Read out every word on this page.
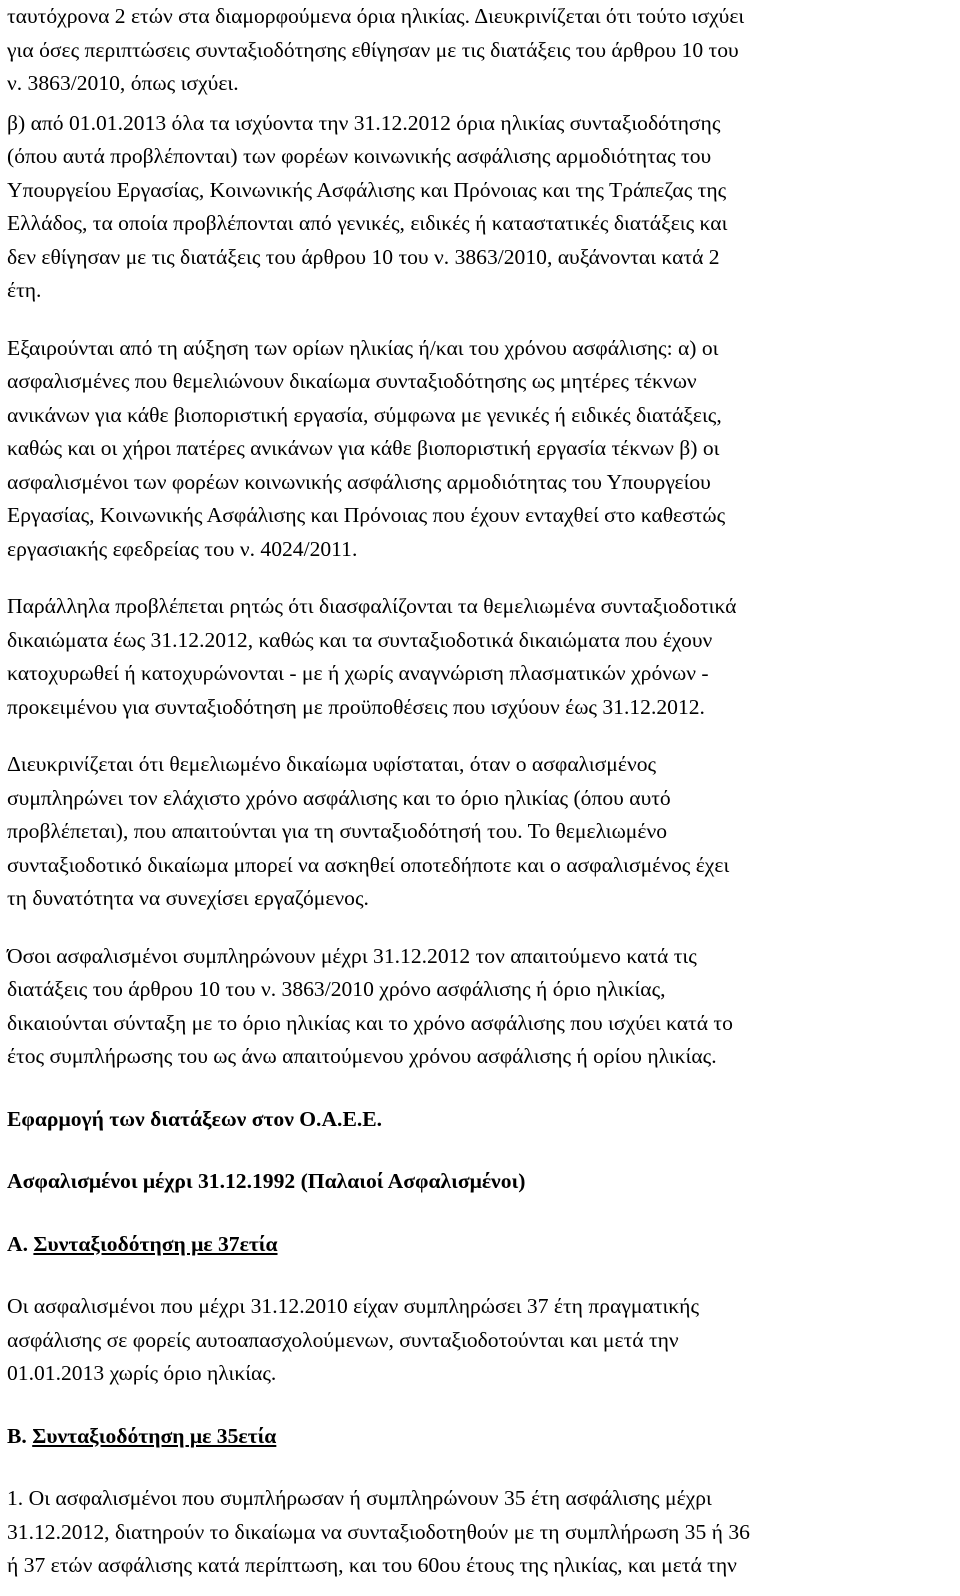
ταυτόχρονα 2 ετών στα διαμορφούμενα όρια ηλικίας. Διευκρινίζεται ότι τούτο ισχύει

για όσες περιπτώσεις συνταξιοδότησης εθίγησαν με τις διατάξεις του άρθρου 10 του

ν. 3863/2010, όπως ισχύει.

β) από 01.01.2013 όλα τα ισχύοντα την 31.12.2012 όρια ηλικίας συνταξιοδότησης

(όπου αυτά προβλέπονται) των φορέων κοινωνικής ασφάλισης αρμοδιότητας του

Υπουργείου Εργασίας, Κοινωνικής Ασφάλισης και Πρόνοιας και της Τράπεζας της

Ελλάδος, τα οποία προβλέπονται από γενικές, ειδικές ή καταστατικές διατάξεις και

δεν εθίγησαν με τις διατάξεις του άρθρου 10 του ν. 3863/2010, αυξάνονται κατά 2

έτη.

Εξαιρούνται από τη αύξηση των ορίων ηλικίας ή/και του χρόνου ασφάλισης: α) οι

ασφαλισμένες που θεμελιώνουν δικαίωμα συνταξιοδότησης ως μητέρες τέκνων

ανικάνων για κάθε βιοποριστική εργασία, σύμφωνα με γενικές ή ειδικές διατάξεις,

καθώς και οι χήροι πατέρες ανικάνων για κάθε βιοποριστική εργασία τέκνων β) οι

ασφαλισμένοι των φορέων κοινωνικής ασφάλισης αρμοδιότητας του Υπουργείου

Εργασίας, Κοινωνικής Ασφάλισης και Πρόνοιας που έχουν ενταχθεί στο καθεστώς

εργασιακής εφεδρείας του ν. 4024/2011.

Παράλληλα προβλέπεται ρητώς ότι διασφαλίζονται τα θεμελιωμένα συνταξιοδοτικά

δικαιώματα έως 31.12.2012, καθώς και τα συνταξιοδοτικά δικαιώματα που έχουν

κατοχυρωθεί ή κατοχυρώνονται - με ή χωρίς αναγνώριση πλασματικών χρόνων -

προκειμένου για συνταξιοδότηση με προϋποθέσεις που ισχύουν έως 31.12.2012.

Διευκρινίζεται ότι θεμελιωμένο δικαίωμα υφίσταται, όταν ο ασφαλισμένος

συμπληρώνει τον ελάχιστο χρόνο ασφάλισης και το όριο ηλικίας (όπου αυτό

προβλέπεται), που απαιτούνται για τη συνταξιοδότησή του. Το θεμελιωμένο

συνταξιοδοτικό δικαίωμα μπορεί να ασκηθεί οποτεδήποτε και ο ασφαλισμένος έχει

τη δυνατότητα να συνεχίσει εργαζόμενος.

Όσοι ασφαλισμένοι συμπληρώνουν μέχρι 31.12.2012 τον απαιτούμενο κατά τις

διατάξεις του άρθρου 10 του ν. 3863/2010 χρόνο ασφάλισης ή όριο ηλικίας,

δικαιούνται σύνταξη με το όριο ηλικίας και το χρόνο ασφάλισης που ισχύει κατά το

έτος συμπλήρωσης του ως άνω απαιτούμενου χρόνου ασφάλισης ή ορίου ηλικίας.

Εφαρμογή των διατάξεων στον Ο.Α.Ε.Ε.

Ασφαλισμένοι μέχρι 31.12.1992 (Παλαιοί Ασφαλισμένοι)

Α. Συνταξιοδότηση με 37ετία

Οι ασφαλισμένοι που μέχρι 31.12.2010 είχαν συμπληρώσει 37 έτη πραγματικής

ασφάλισης σε φορείς αυτοαπασχολούμενων, συνταξιοδοτούνται και μετά την

01.01.2013 χωρίς όριο ηλικίας.

Β. Συνταξιοδότηση με 35ετία

1. Οι ασφαλισμένοι που συμπλήρωσαν ή συμπληρώνουν 35 έτη ασφάλισης μέχρι

31.12.2012, διατηρούν το δικαίωμα να συνταξιοδοτηθούν με τη συμπλήρωση 35 ή 36

ή 37 ετών ασφάλισης κατά περίπτωση, και του 60ου έτους της ηλικίας, και μετά την
